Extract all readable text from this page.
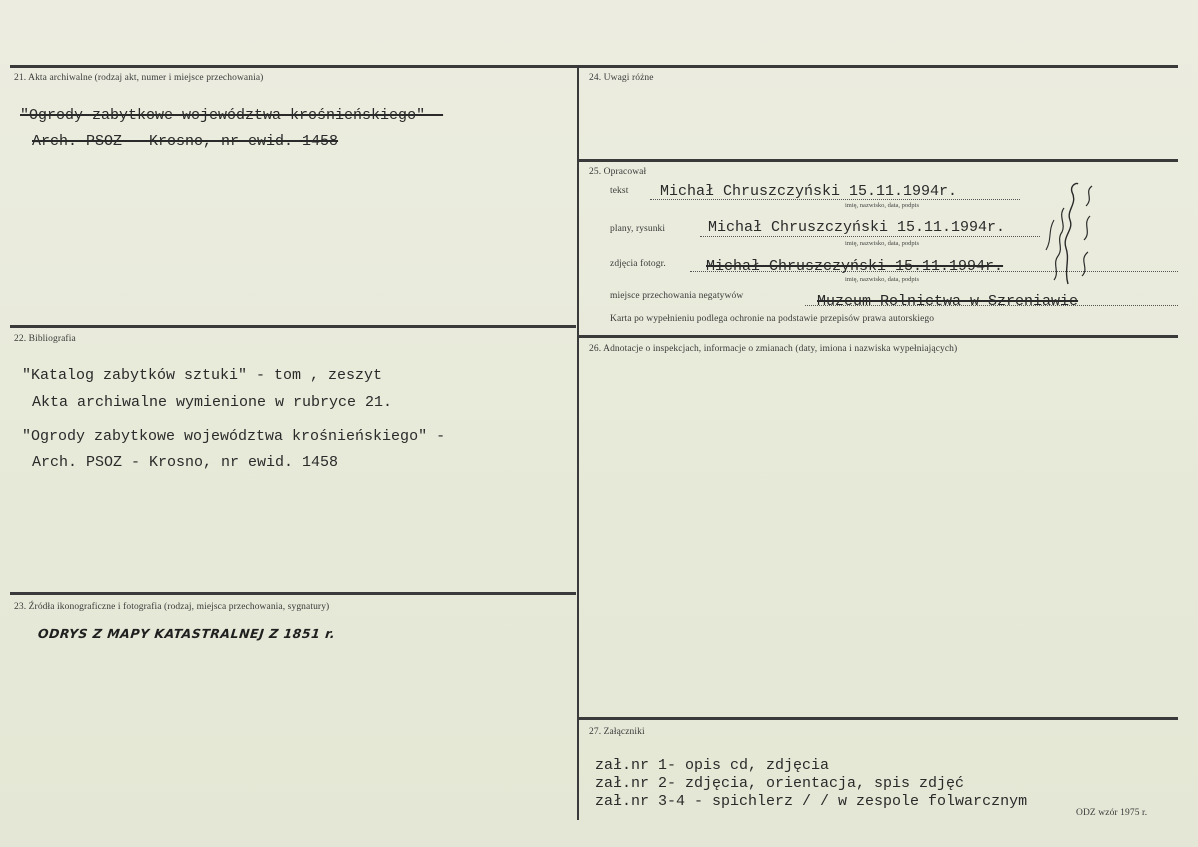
21. Akta archiwalne (rodzaj akt, numer i miejsce przechowania)
"Ogrody zabytkowe województwa krośnieńskiego" -
Arch. PSOZ - Krosno, nr ewid. 1458
22. Bibliografia
"Katalog zabytków sztuki" - tom , zeszyt
Akta archiwalne wymienione w rubryce 21.
"Ogrody zabytkowe województwa krośnieńskiego" -
Arch. PSOZ - Krosno, nr ewid. 1458
23. Źródła ikonograficzne i fotografia (rodzaj, miejsca przechowania, sygnatury)
ODRYS Z MAPY KATASTRALNEJ Z 1851 r.
24. Uwagi różne
25. Opracował
tekst Michał Chruszczyński 15.11.1994r.
imię, nazwisko, data, podpis
plany, rysunki	Michał Chruszczyński 15.11.1994r.
imię, nazwisko, data, podpis
zdjęcia fotogr.	Michał Chruszczyński 15.11.1994r.
imię, nazwisko, data, podpis
miejsce przechowania negatywów	Muzeum Rolnictwa w Szreniawie
Karta po wypełnieniu podlega ochronie na podstawie przepisów prawa autorskiego
26. Adnotacje o inspekcjach, informacje o zmianach (daty, imiona i nazwiska wypełniających)
27. Załączniki
zał.nr 1- opis cd, zdjęcia
zał.nr 2- zdjęcia, orientacja, spis zdjęć
zał.nr 3-4 - spichlerz / / w zespole folwarcznym
ODZ wzór 1975 r.
